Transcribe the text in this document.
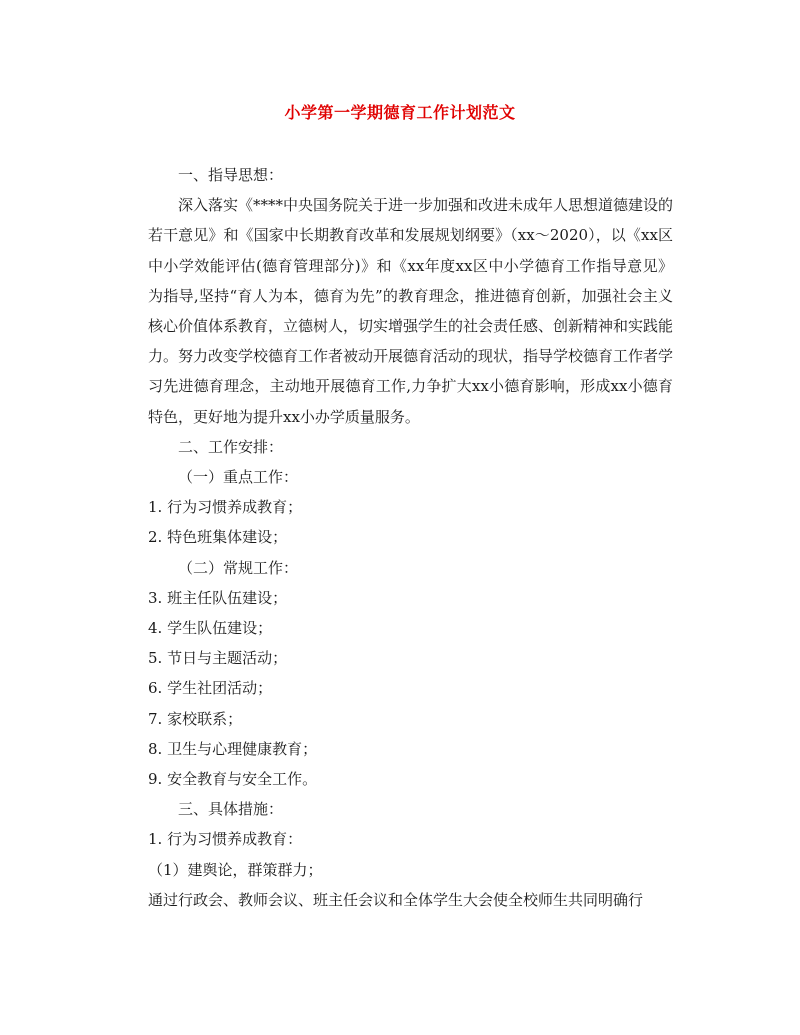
小学第一学期德育工作计划范文

一、指导思想：

深入落实《****中央国务院关于进一步加强和改进未成年人思想道德建设的
若干意见》和《国家中长期教育改革和发展规划纲要》（xx～2020），以《xx区
中小学效能评估(德育管理部分)》和《xx年度xx区中小学德育工作指导意见》
为指导,坚持“育人为本，德育为先”的教育理念，推进德育创新，加强社会主义
核心价值体系教育，立德树人，切实增强学生的社会责任感、创新精神和实践能
力。努力改变学校德育工作者被动开展德育活动的现状，指导学校德育工作者学
习先进德育理念，主动地开展德育工作,力争扩大xx小德育影响，形成xx小德育
特色，更好地为提升xx小办学质量服务。

二、工作安排：

（一）重点工作：

1. 行为习惯养成教育；

2. 特色班集体建设；

（二）常规工作：

3. 班主任队伍建设；

4. 学生队伍建设；

5. 节日与主题活动；

6. 学生社团活动；

7. 家校联系；

8. 卫生与心理健康教育；

9. 安全教育与安全工作。

三、具体措施：

1. 行为习惯养成教育：

（1）建舆论，群策群力；

通过行政会、教师会议、班主任会议和全体学生大会使全校师生共同明确行
